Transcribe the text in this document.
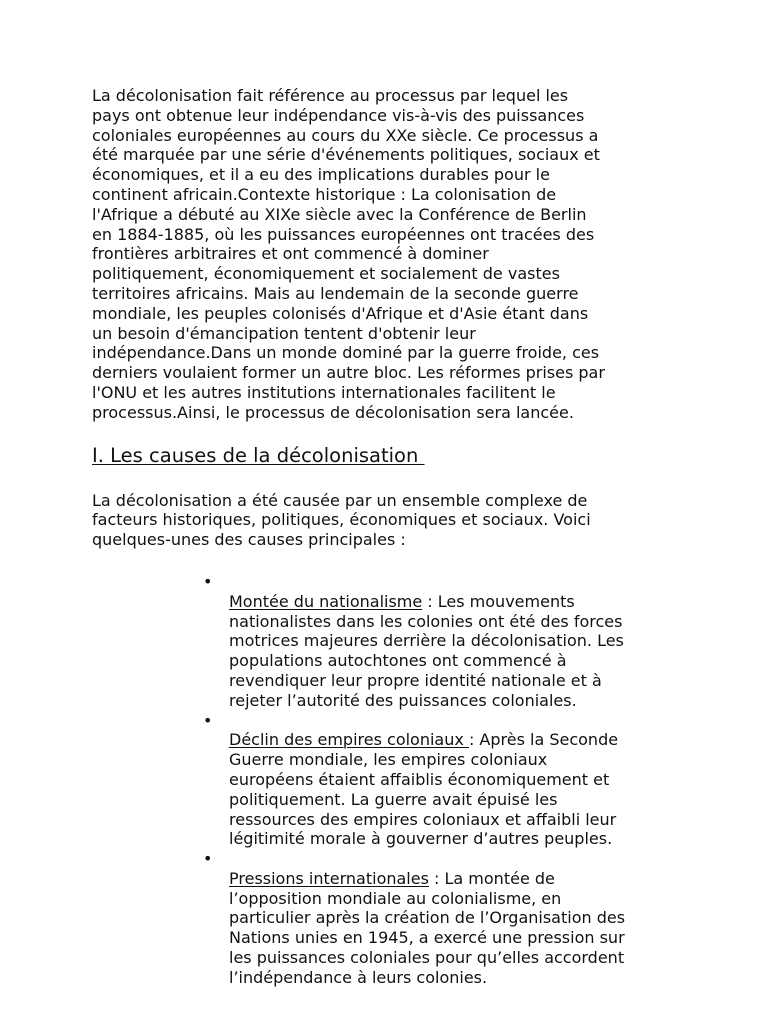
La décolonisation fait référence au processus par lequel les
pays ont obtenue leur indépendance vis-à-vis des puissances
coloniales européennes au cours du XXe siècle. Ce processus a
été marquée par une série d'événements politiques, sociaux et
économiques, et il a eu des implications durables pour le
continent africain.Contexte historique : La colonisation de
l'Afrique a débuté au XIXe siècle avec la Conférence de Berlin
en 1884-1885, où les puissances européennes ont tracées des
frontières arbitraires et ont commencé à dominer
politiquement, économiquement et socialement de vastes
territoires africains. Mais au lendemain de la seconde guerre
mondiale, les peuples colonisés d'Afrique et d'Asie étant dans
un besoin d'émancipation tentent d'obtenir leur
indépendance.Dans un monde dominé par la guerre froide, ces
derniers voulaient former un autre bloc. Les réformes prises par
l'ONU et les autres institutions internationales facilitent le
processus.Ainsi, le processus de décolonisation sera lancée.

I. Les causes de la décolonisation

La décolonisation a été causée par un ensemble complexe de
facteurs historiques, politiques, économiques et sociaux. Voici
quelques-unes des causes principales :

•
Montée du nationalisme : Les mouvements
nationalistes dans les colonies ont été des forces
motrices majeures derrière la décolonisation. Les
populations autochtones ont commencé à
revendiquer leur propre identité nationale et à
rejeter l’autorité des puissances coloniales.

•
Déclin des empires coloniaux : Après la Seconde
Guerre mondiale, les empires coloniaux
européens étaient affaiblis économiquement et
politiquement. La guerre avait épuisé les
ressources des empires coloniaux et affaibli leur
légitimité morale à gouverner d’autres peuples.

•
Pressions internationales : La montée de
l’opposition mondiale au colonialisme, en
particulier après la création de l’Organisation des
Nations unies en 1945, a exercé une pression sur
les puissances coloniales pour qu’elles accordent
l’indépendance à leurs colonies.
